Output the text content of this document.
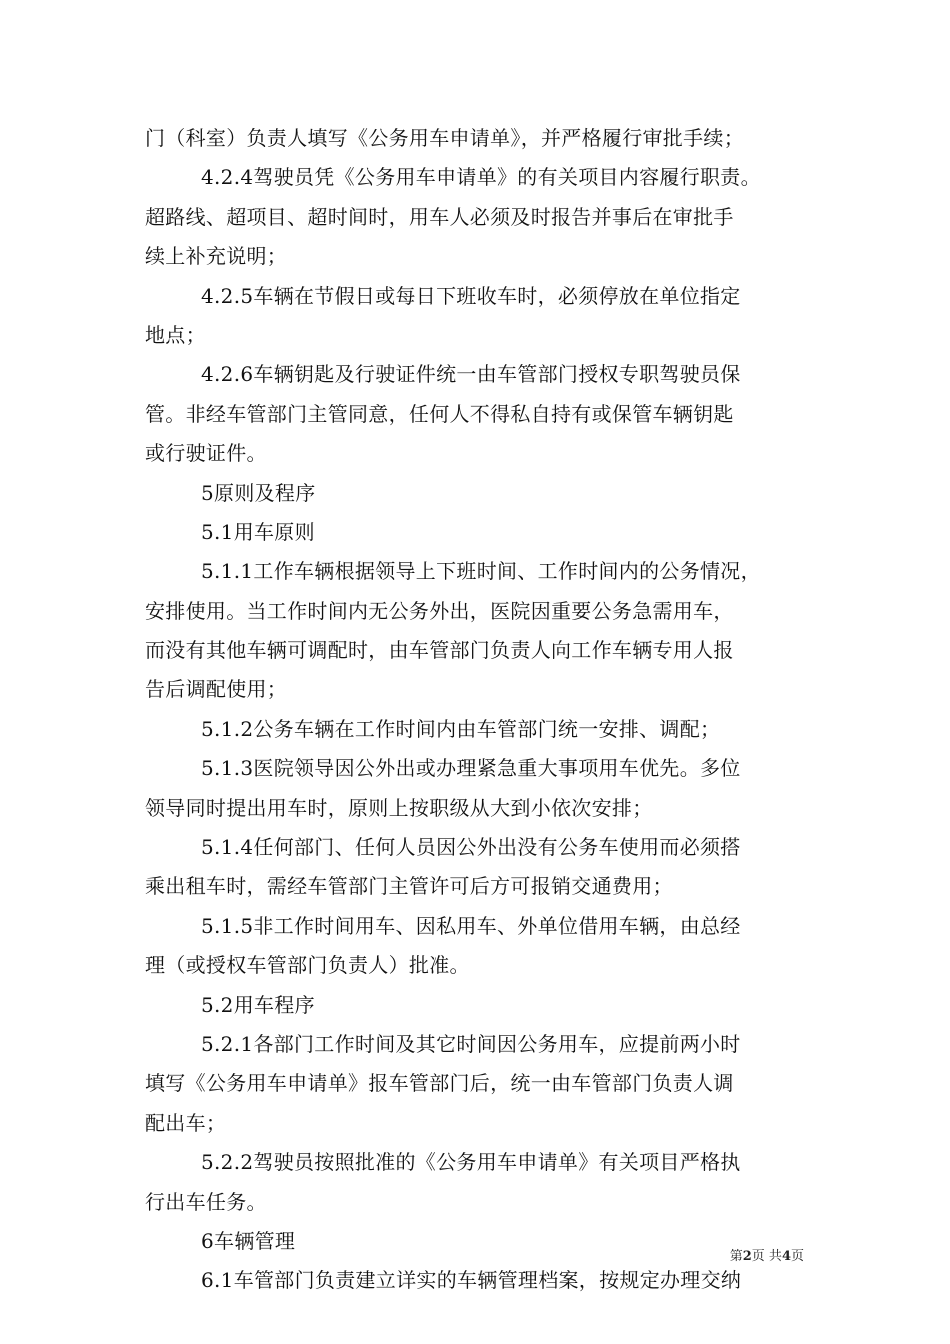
门（科室）负责人填写《公务用车申请单》，并严格履行审批手续；
4.2.4驾驶员凭《公务用车申请单》的有关项目内容履行职责。
超路线、超项目、超时间时，用车人必须及时报告并事后在审批手
续上补充说明；
4.2.5车辆在节假日或每日下班收车时，必须停放在单位指定
地点；
4.2.6车辆钥匙及行驶证件统一由车管部门授权专职驾驶员保
管。非经车管部门主管同意，任何人不得私自持有或保管车辆钥匙
或行驶证件。
5原则及程序
5.1用车原则
5.1.1工作车辆根据领导上下班时间、工作时间内的公务情况，
安排使用。当工作时间内无公务外出，医院因重要公务急需用车，
而没有其他车辆可调配时，由车管部门负责人向工作车辆专用人报
告后调配使用；
5.1.2公务车辆在工作时间内由车管部门统一安排、调配；
5.1.3医院领导因公外出或办理紧急重大事项用车优先。多位
领导同时提出用车时，原则上按职级从大到小依次安排；
5.1.4任何部门、任何人员因公外出没有公务车使用而必须搭
乘出租车时，需经车管部门主管许可后方可报销交通费用；
5.1.5非工作时间用车、因私用车、外单位借用车辆，由总经
理（或授权车管部门负责人）批准。
5.2用车程序
5.2.1各部门工作时间及其它时间因公务用车，应提前两小时
填写《公务用车申请单》报车管部门后，统一由车管部门负责人调
配出车；
5.2.2驾驶员按照批准的《公务用车申请单》有关项目严格执
行出车任务。
6车辆管理
6.1车管部门负责建立详实的车辆管理档案，按规定办理交纳
第2页 共4页
